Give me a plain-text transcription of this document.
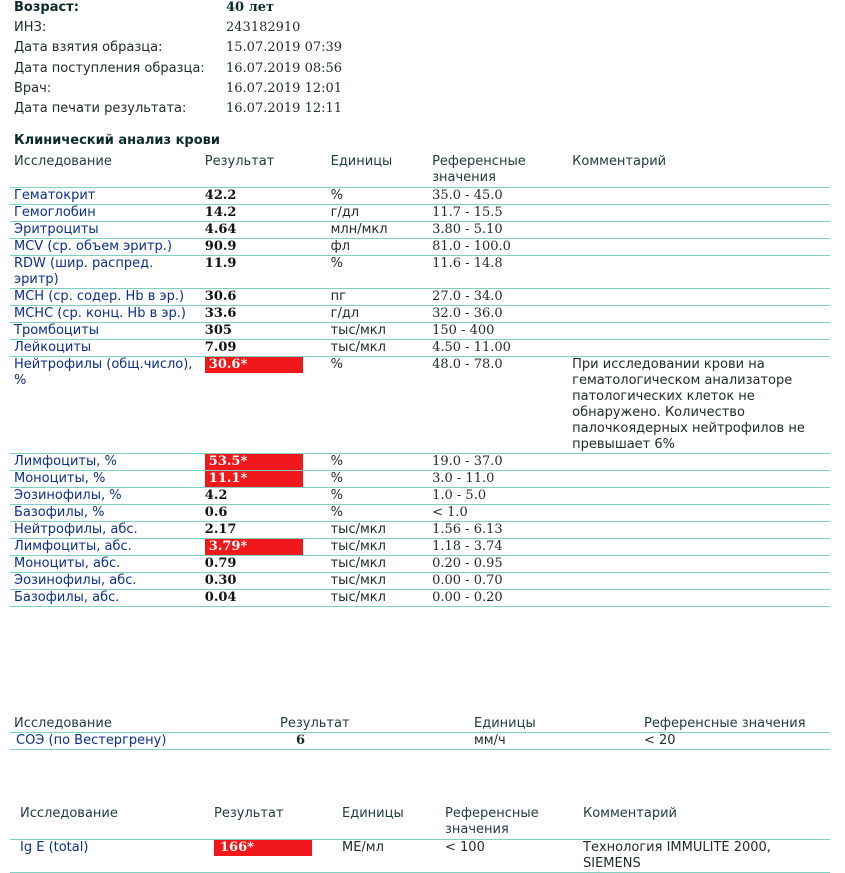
Возраст:	40 лет
ИНЗ:	243182910
Дата взятия образца:	15.07.2019 07:39
Дата поступления образца: 16.07.2019 08:56
Врач:	16.07.2019 12:01
Дата печати результата:	16.07.2019 12:11
Клинический анализ крови
Исследование	Результат	Единицы	Референсные значения	Комментарий
Гематокрит	42.2	%	35.0 - 45.0	
Гемоглобин	14.2	г/дл	11.7 - 15.5	
Эритроциты	4.64	млн/мкл	3.80 - 5.10	
MCV (ср. объем эритр.)	90.9	фл	81.0 - 100.0	
RDW (шир. распред. эритр)	11.9	%	11.6 - 14.8	
MCH (ср. содер. Hb в эр.)	30.6	пг	27.0 - 34.0	
MCHC (ср. конц. Hb в эр.)	33.6	г/дл	32.0 - 36.0	
Тромбоциты	305	тыс/мкл	150 - 400	
Лейкоциты	7.09	тыс/мкл	4.50 - 11.00	
Нейтрофилы (общ.число), %	30.6*	%	48.0 - 78.0	При исследовании крови на гематологическом анализаторе патологических клеток не обнаружено. Количество палочкоядерных нейтрофилов не превышает 6%
Лимфоциты, %	53.5*	%	19.0 - 37.0	
Моноциты, %	11.1*	%	3.0 - 11.0	
Эозинофилы, %	4.2	%	1.0 - 5.0	
Базофилы, %	0.6	%	< 1.0	
Нейтрофилы, абс.	2.17	тыс/мкл	1.56 - 6.13	
Лимфоциты, абс.	3.79*	тыс/мкл	1.18 - 3.74	
Моноциты, абс.	0.79	тыс/мкл	0.20 - 0.95	
Эозинофилы, абс.	0.30	тыс/мкл	0.00 - 0.70	
Базофилы, абс.	0.04	тыс/мкл	0.00 - 0.20	
Исследование	Результат	Единицы	Референсные значения
СОЭ (по Вестергрену)	6	мм/ч	< 20
Исследование	Результат	Единицы	Референсные значения	Комментарий
Ig E (total)	166*	МЕ/мл	< 100	Технология IMMULITE 2000, SIEMENS
